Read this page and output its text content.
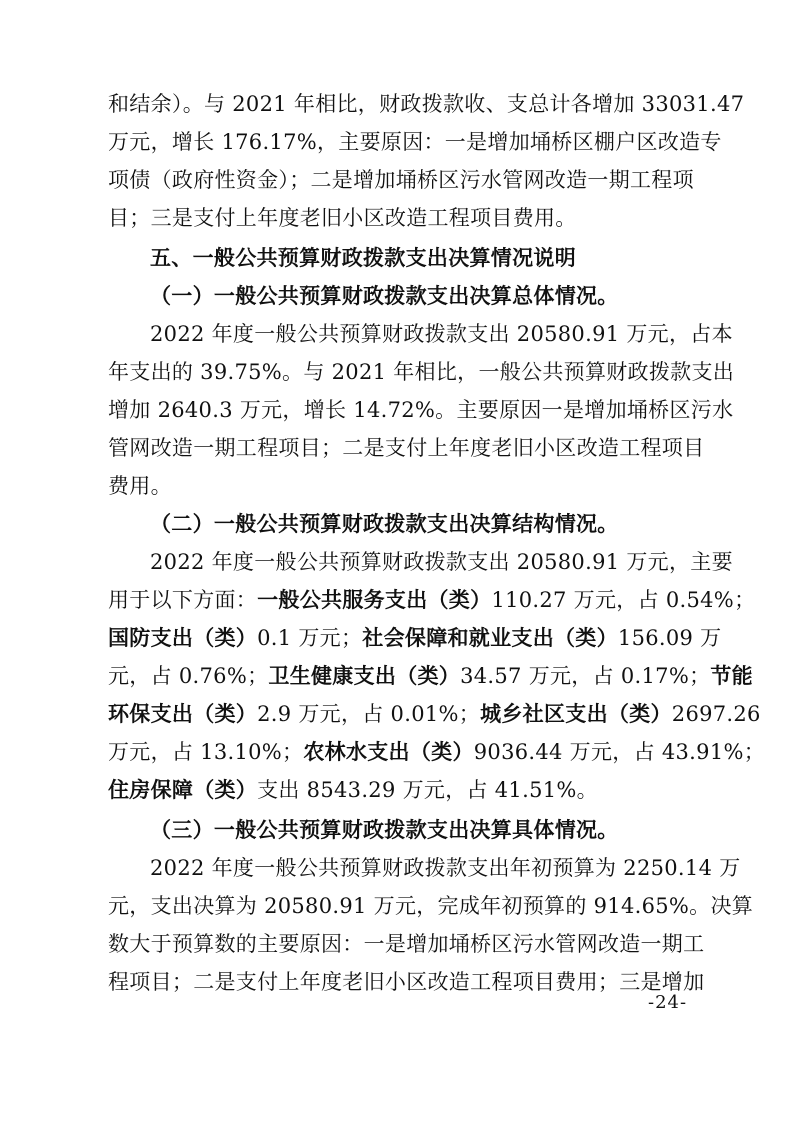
和结余）。与 2021 年相比，财政拨款收、支总计各增加 33031.47
万元，增长 176.17%，主要原因：一是增加埇桥区棚户区改造专
项债（政府性资金）；二是增加埇桥区污水管网改造一期工程项
目；三是支付上年度老旧小区改造工程项目费用。
五、一般公共预算财政拨款支出决算情况说明
（一）一般公共预算财政拨款支出决算总体情况。
2022 年度一般公共预算财政拨款支出 20580.91 万元，占本
年支出的 39.75%。与 2021 年相比，一般公共预算财政拨款支出
增加 2640.3 万元，增长 14.72%。主要原因一是增加埇桥区污水
管网改造一期工程项目；二是支付上年度老旧小区改造工程项目
费用。
（二）一般公共预算财政拨款支出决算结构情况。
2022 年度一般公共预算财政拨款支出 20580.91 万元，主要
用于以下方面：一般公共服务支出（类）110.27 万元，占 0.54%；
国防支出（类）0.1 万元；社会保障和就业支出（类）156.09 万
元，占 0.76%；卫生健康支出（类）34.57 万元，占 0.17%；节能
环保支出（类）2.9 万元，占 0.01%；城乡社区支出（类）2697.26
万元，占 13.10%；农林水支出（类）9036.44 万元，占 43.91%；
住房保障（类）支出 8543.29 万元，占 41.51%。
（三）一般公共预算财政拨款支出决算具体情况。
2022 年度一般公共预算财政拨款支出年初预算为 2250.14 万
元，支出决算为 20580.91 万元，完成年初预算的 914.65%。决算
数大于预算数的主要原因：一是增加埇桥区污水管网改造一期工
程项目；二是支付上年度老旧小区改造工程项目费用；三是增加
-24-
